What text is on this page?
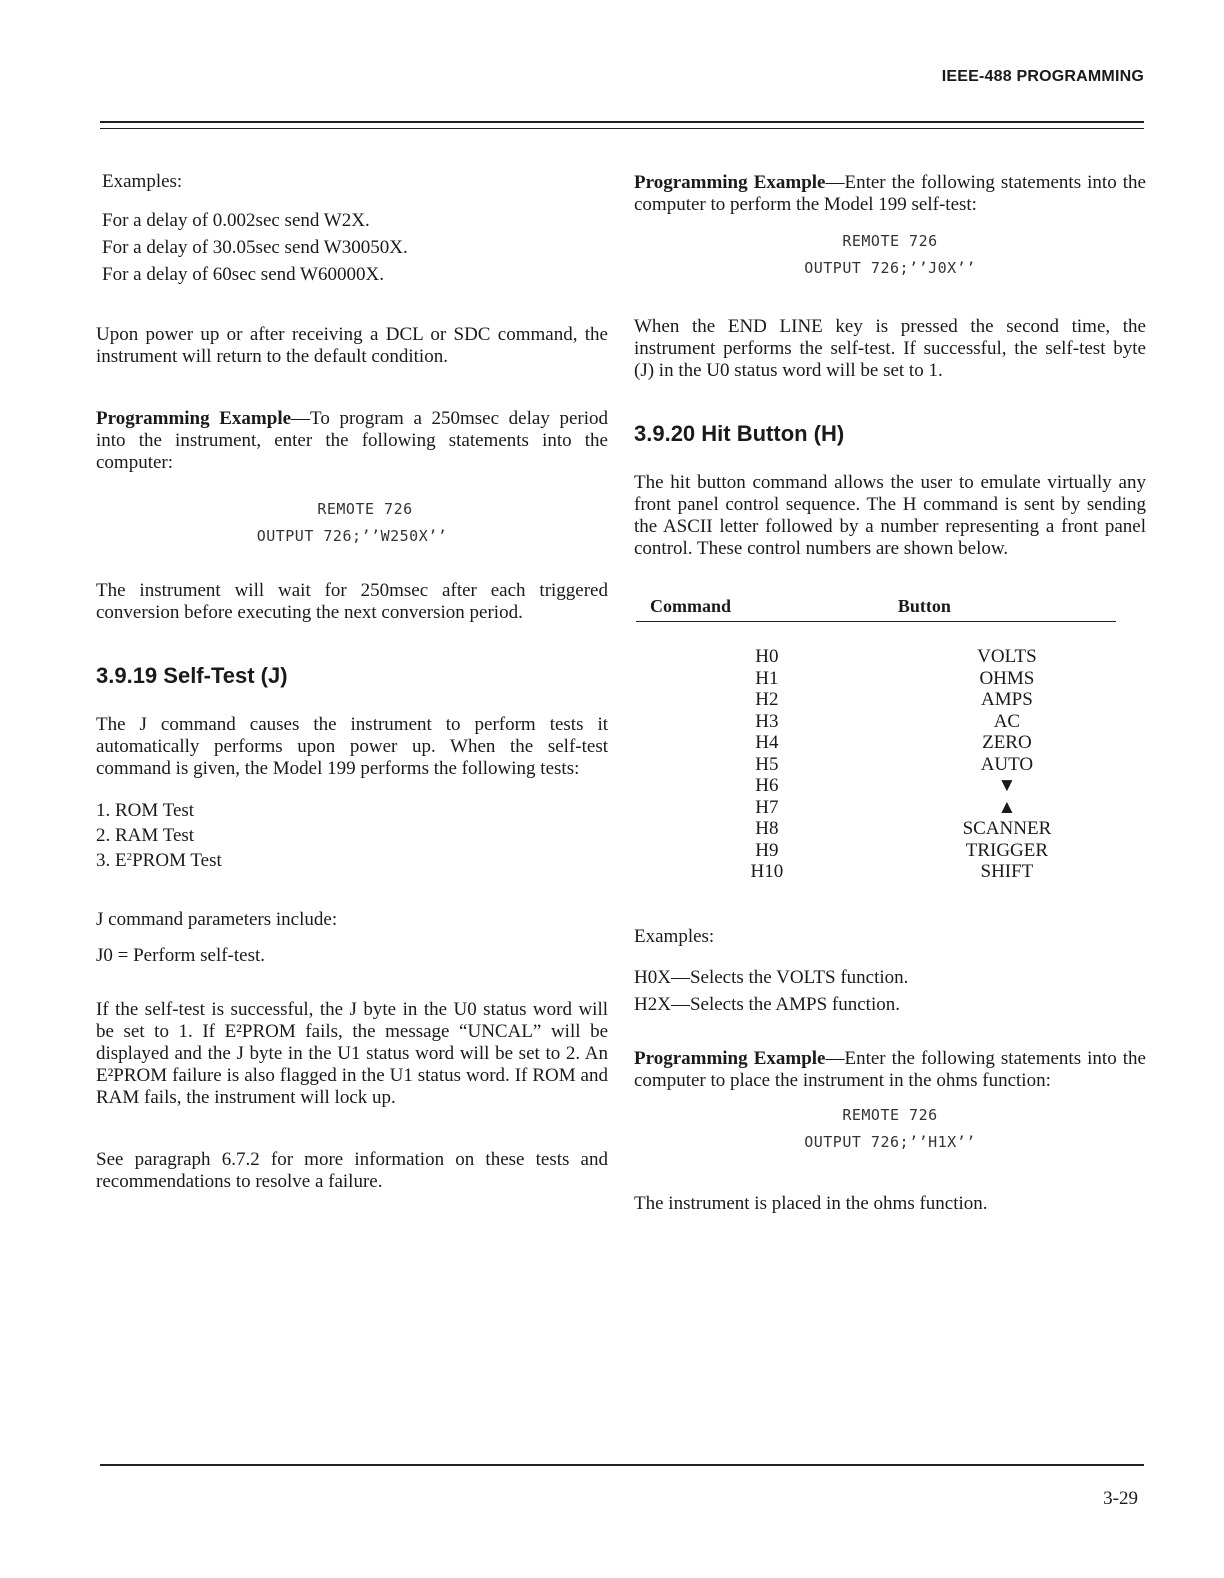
IEEE-488 PROGRAMMING

Examples:

For a delay of 0.002sec send W2X.

For a delay of 30.05sec send W30050X.

For a delay of 60sec send W60000X.

Upon power up or after receiving a DCL or SDC command, the instrument will return to the default condition.

Programming Example—To program a 250msec delay period into the instrument, enter the following statements into the computer:

REMOTE 726
OUTPUT 726;’’W250X’’

The instrument will wait for 250msec after each triggered conversion before executing the next conversion period.

3.9.19 Self-Test (J)

The J command causes the instrument to perform tests it automatically performs upon power up. When the self-test command is given, the Model 199 performs the following tests:

1. ROM Test
2. RAM Test
3. $E^2PROM$ Test

J command parameters include:

J0 = Perform self-test.

If the self-test is successful, the J byte in the U0 status word will be set to 1. If E²PROM fails, the message “UNCAL” will be displayed and the J byte in the U1 status word will be set to 2. An E²PROM failure is also flagged in the U1 status word. If ROM and RAM fails, the instrument will lock up.

See paragraph 6.7.2 for more information on these tests and recommendations to resolve a failure.

Programming Example—Enter the following statements into the computer to perform the Model 199 self-test:

REMOTE 726
OUTPUT 726;’’J0X’’

When the END LINE key is pressed the second time, the instrument performs the self-test. If successful, the self-test byte (J) in the U0 status word will be set to 1.

3.9.20 Hit Button (H)

The hit button command allows the user to emulate virtually any front panel control sequence. The H command is sent by sending the ASCII letter followed by a number representing a front panel control. These control numbers are shown below.

Command	Button
H0	VOLTS
H1	OHMS
H2	AMPS
H3	AC
H4	ZERO
H5	AUTO
H6	▼
H7	▲
H8	SCANNER
H9	TRIGGER
H10	SHIFT

Examples:

H0X—Selects the VOLTS function.

H2X—Selects the AMPS function.

Programming Example—Enter the following statements into the computer to place the instrument in the ohms function:

REMOTE 726
OUTPUT 726;’’H1X’’

The instrument is placed in the ohms function.

3-29
